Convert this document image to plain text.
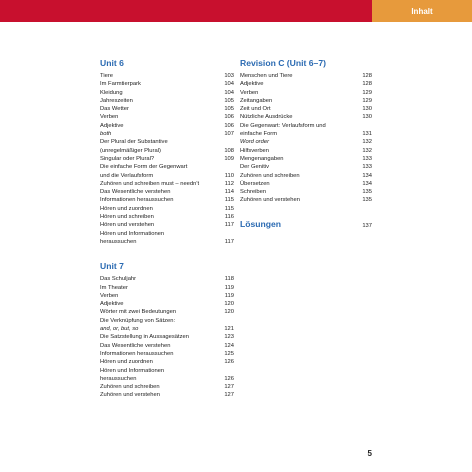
Inhalt
Unit 6
Tiere	103
Im Farmtierpark	104
Kleidung	104
Jahreszeiten	105
Das Wetter	105
Verben	106
Adjektive	106
both	107
Der Plural der Substantive
(unregelmäßiger Plural)	108
Singular oder Plural?	109
Die einfache Form der Gegenwart
und die Verlaufsform	110
Zuhören und schreiben must – needn't	112
Das Wesentliche verstehen	114
Informationen heraussuchen	115
Hören und zuordnen	115
Hören und schreiben	116
Hören und verstehen	117
Hören und Informationen
heraussuchen	117
Unit 7
Das Schuljahr	118
Im Theater	119
Verben	119
Adjektive	120
Wörter mit zwei Bedeutungen	120
Die Verknüpfung von Sätzen:
and, or, but, so	121
Die Satzstellung in Aussagesätzen	123
Das Wesentliche verstehen	124
Informationen heraussuchen	125
Hören und zuordnen	126
Hören und Informationen
heraussuchen	126
Zuhören und schreiben	127
Zuhören und verstehen	127
Revision C (Unit 6–7)
Menschen und Tiere	128
Adjektive	128
Verben	129
Zeitangaben	129
Zeit und Ort	130
Nützliche Ausdrücke	130
Die Gegenwart: Verlaufsform und
einfache Form	131
Word order	132
Hilfsverben	132
Mengenangaben	133
Der Genitiv	133
Zuhören und schreiben	134
Übersetzen	134
Schreiben	135
Zuhören und verstehen	135
Lösungen	137
5
